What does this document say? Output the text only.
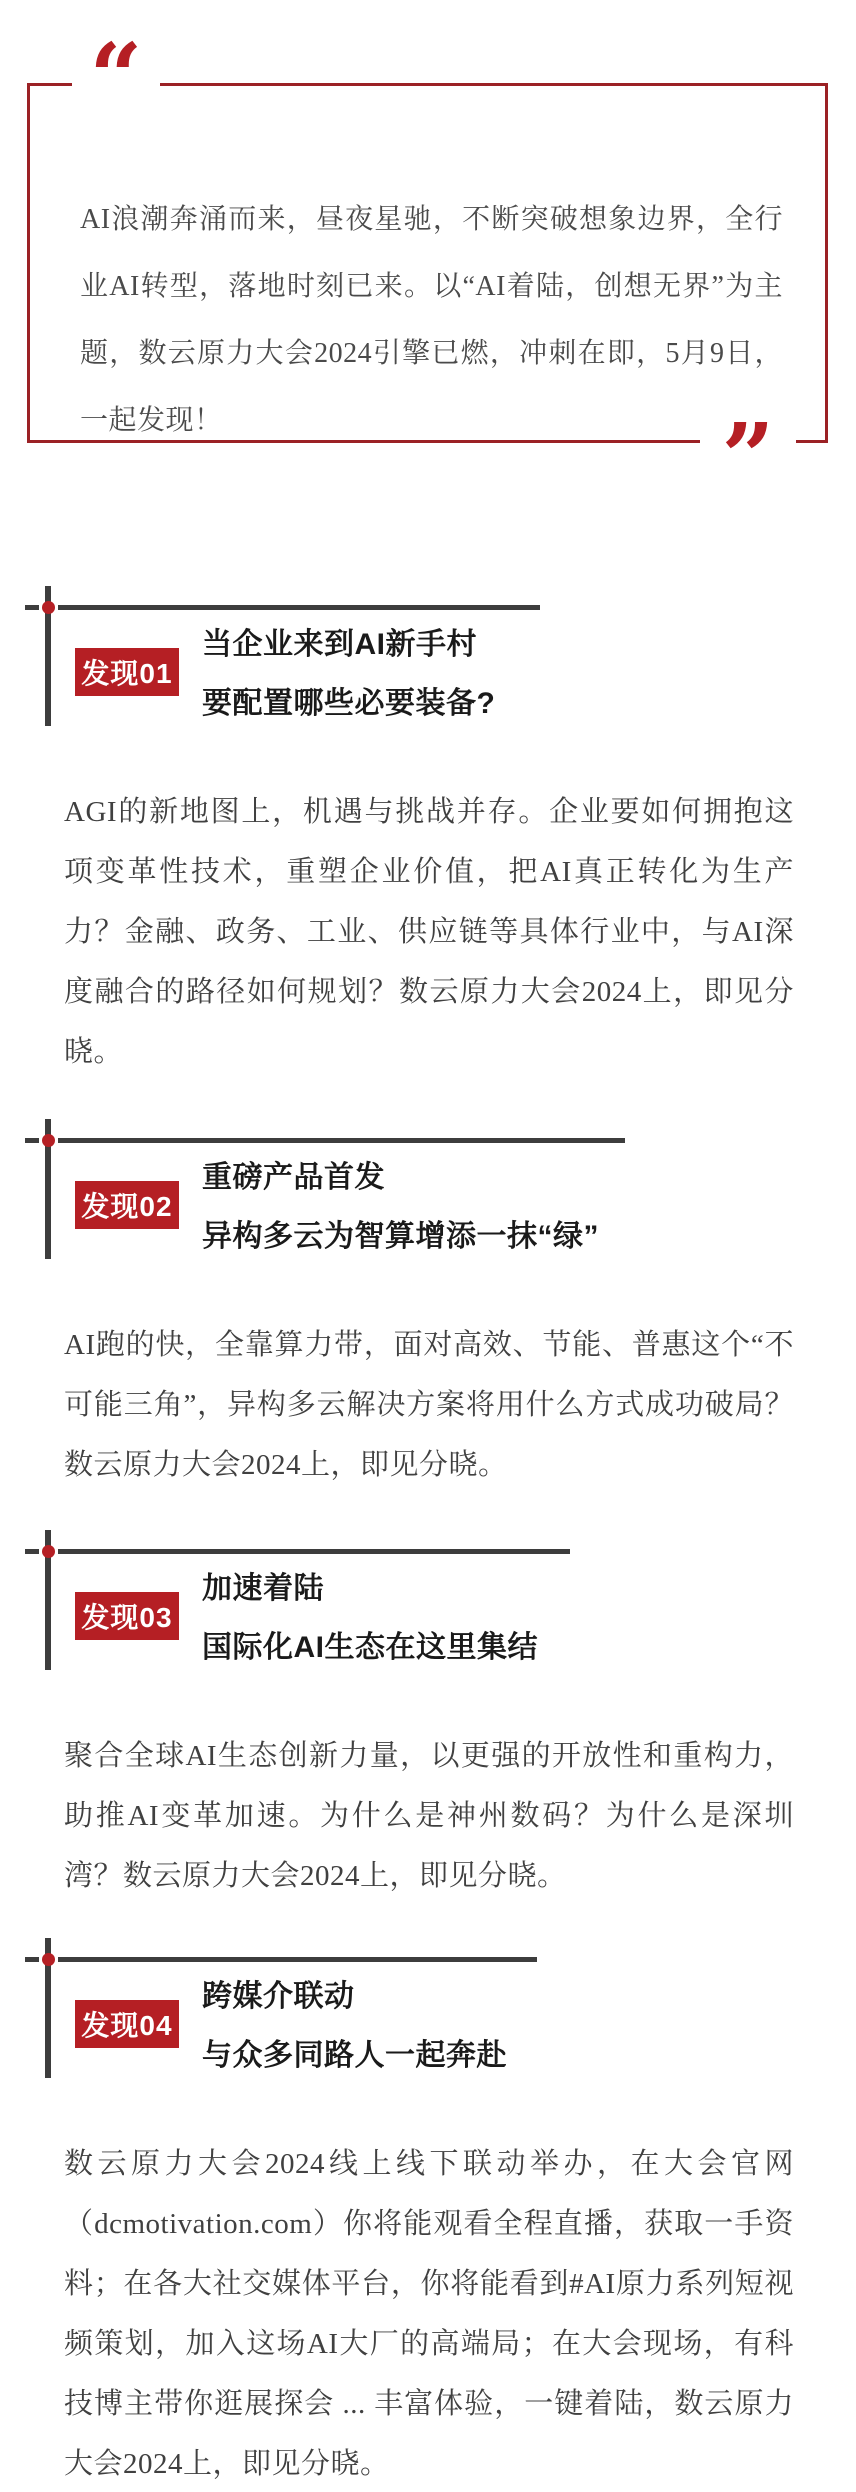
AI浪潮奔涌而来，昼夜星驰，不断突破想象边界，全行业AI转型，落地时刻已来。以“AI着陆，创想无界”为主题，数云原力大会2024引擎已燃，冲刺在即，5月9日，一起发现！

“
”
发现01
当企业来到AI新手村
要配置哪些必要装备?

AGI的新地图上，机遇与挑战并存。企业要如何拥抱这项变革性技术，重塑企业价值，把AI真正转化为生产力？金融、政务、工业、供应链等具体行业中，与AI深度融合的路径如何规划？数云原力大会2024上，即见分晓。

发现02
重磅产品首发
异构多云为智算增添一抹“绿”

AI跑的快，全靠算力带，面对高效、节能、普惠这个“不可能三角”，异构多云解决方案将用什么方式成功破局？数云原力大会2024上，即见分晓。

发现03
加速着陆
国际化AI生态在这里集结

聚合全球AI生态创新力量，以更强的开放性和重构力，助推AI变革加速。为什么是神州数码？为什么是深圳湾？数云原力大会2024上，即见分晓。

发现04
跨媒介联动
与众多同路人一起奔赴

数云原力大会2024线上线下联动举办，在大会官网（dcmotivation.com）你将能观看全程直播，获取一手资料；在各大社交媒体平台，你将能看到#AI原力系列短视频策划，加入这场AI大厂的高端局；在大会现场，有科技博主带你逛展探会 ... 丰富体验，一键着陆，数云原力大会2024上，即见分晓。
